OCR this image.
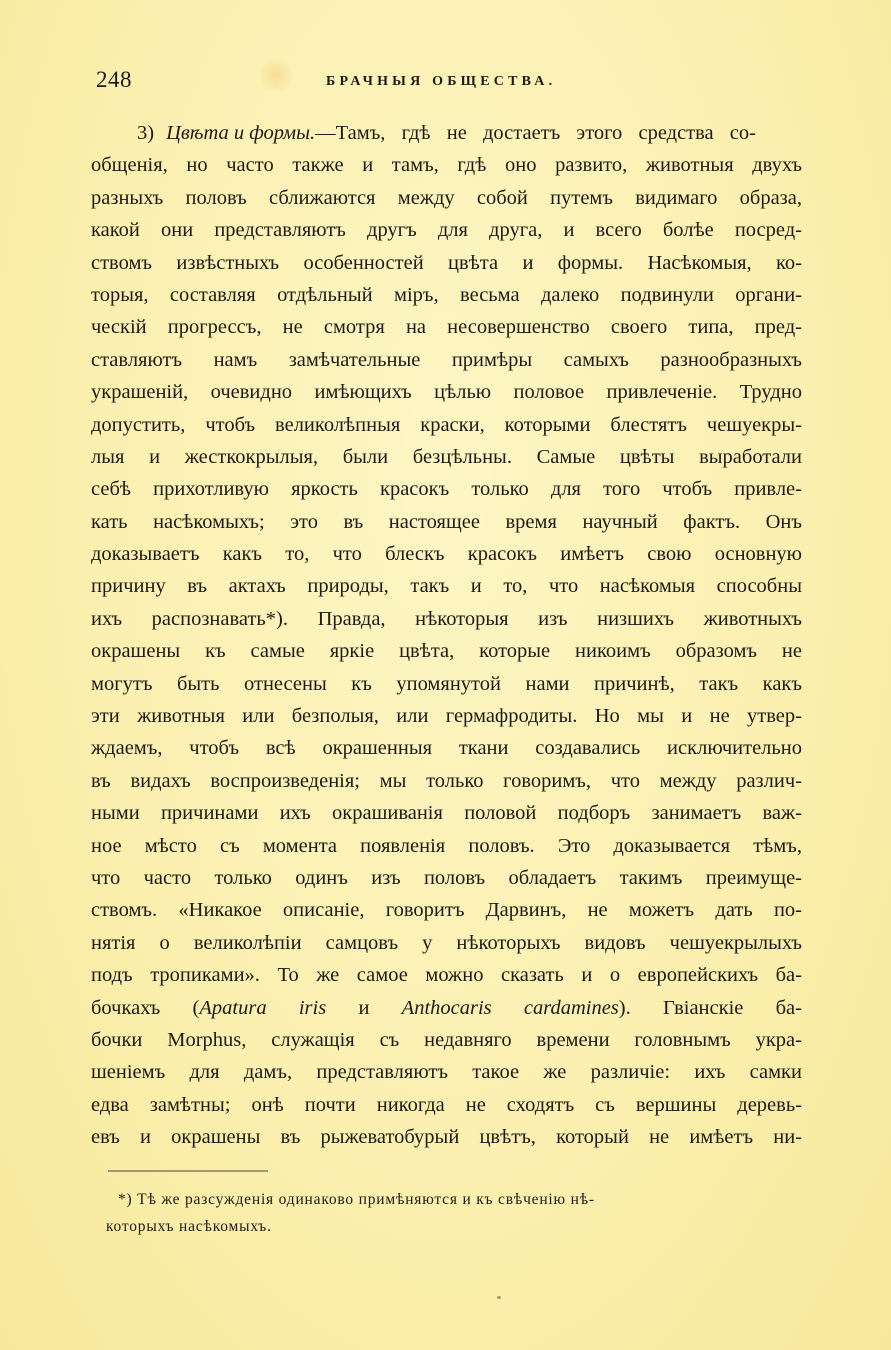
248	БРАЧНЫЯ ОБЩЕСТВА.
3) Цвѣта и формы. —Тамъ, гдѣ не достаетъ этого средства со-
общенія, но часто также и тамъ, гдѣ оно развито, животныя двухъ
разныхъ половъ сближаются между собой путемъ видимаго образа,
какой они представляютъ другъ для друга, и всего болѣе посред-
ствомъ извѣстныхъ особенностей цвѣта и формы. Насѣкомыя, ко-
торыя, составляя отдѣльный міръ, весьма далеко подвинули органи-
ческій прогрессъ, не смотря на несовершенство своего типа, пред-
ставляютъ намъ замѣчательные примѣры самыхъ разнообразныхъ
украшеній, очевидно имѣющихъ цѣлью половое привлеченіе. Трудно
допустить, чтобъ великолѣпныя краски, которыми блестятъ чешуекры-
лыя и жесткокрылыя, были безцѣльны. Самые цвѣты выработали
себѣ прихотливую яркость красокъ только для того чтобъ привле-
кать насѣкомыхъ; это въ настоящее время научный фактъ. Онъ
доказываетъ какъ то, что блескъ красокъ имѣетъ свою основную
причину въ актахъ природы, такъ и то, что насѣкомыя способны
ихъ распознавать*). Правда, нѣкоторыя изъ низшихъ животныхъ
окрашены къ самые яркіе цвѣта, которые никоимъ образомъ не
могутъ быть отнесены къ упомянутой нами причинѣ, такъ какъ
эти животныя или безполыя, или гермафродиты. Но мы и не утвер-
ждаемъ, чтобъ всѣ окрашенныя ткани создавались исключительно
въ видахъ воспроизведенія; мы только говоримъ, что между различ-
ными причинами ихъ окрашиванія половой подборъ занимаетъ важ-
ное мѣсто съ момента появленія половъ. Это доказывается тѣмъ,
что часто только одинъ изъ половъ обладаетъ такимъ преимуще-
ствомъ. «Никакое описаніе, говоритъ Дарвинъ, не можетъ дать по-
нятія о великолѣпіи самцовъ у нѣкоторыхъ видовъ чешуекрылыхъ
подъ тропиками». То же самое можно сказать и о европейскихъ ба-
бочкахъ ( Apatura iris и Anthocaris cardamines ). Гвіанскіе ба-
бочки Morphus, служащія съ недавняго времени головнымъ укра-
шеніемъ для дамъ, представляютъ такое же различіе: ихъ самки
едва замѣтны; онѣ почти никогда не сходятъ съ вершины деревь-
евъ и окрашены въ рыжеватобурый цвѣтъ, который не имѣетъ ни-
*) Тѣ же разсужденія одинаково примѣняются и къ свѣченію нѣ-
которыхъ насѣкомыхъ.
